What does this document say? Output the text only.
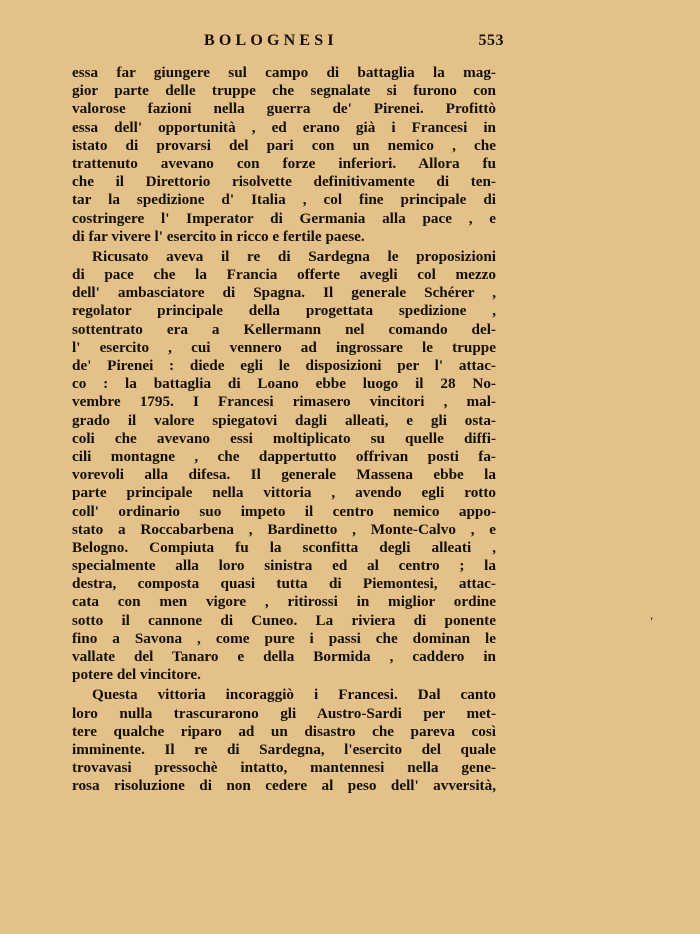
BOLOGNESI	553
essa far giungere sul campo di battaglia la mag-
gior parte delle truppe che segnalate si furono con
valorose fazioni nella guerra de' Pirenei. Profittò
essa dell' opportunità , ed erano già i Francesi in
istato di provarsi del pari con un nemico , che
trattenuto avevano con forze inferiori. Allora fu
che il Direttorio risolvette definitivamente di ten-
tar la spedizione d' Italia , col fine principale di
costringere l' Imperator di Germania alla pace , e
di far vivere l' esercito in ricco e fertile paese.
Ricusato aveva il re di Sardegna le proposizioni
di pace che la Francia offerte avegli col mezzo
dell' ambasciatore di Spagna. Il generale Schérer ,
regolator principale della progettata spedizione ,
sottentrato era a Kellermann nel comando del-
l' esercito , cui vennero ad ingrossare le truppe
de' Pirenei : diede egli le disposizioni per l' attac-
co : la battaglia di Loano ebbe luogo il 28 No-
vembre 1795. I Francesi rimasero vincitori , mal-
grado il valore spiegatovi dagli alleati, e gli osta-
coli che avevano essi moltiplicato su quelle diffi-
cili montagne , che dappertutto offrivan posti fa-
vorevoli alla difesa. Il generale Massena ebbe la
parte principale nella vittoria , avendo egli rotto
coll' ordinario suo impeto il centro nemico appo-
stato a Roccabarbena , Bardinetto , Monte-Calvo , e
Belogno. Compiuta fu la sconfitta degli alleati ,
specialmente alla loro sinistra ed al centro ; la
destra, composta quasi tutta di Piemontesi, attac-
cata con men vigore , ritirossi in miglior ordine
sotto il cannone di Cuneo. La riviera di ponente
fino a Savona , come pure i passi che dominan le
vallate del Tanaro e della Bormida , caddero in
potere del vincitore.
Questa vittoria incoraggiò i Francesi. Dal canto
loro nulla trascurarono gli Austro-Sardi per met-
tere qualche riparo ad un disastro che pareva così
imminente. Il re di Sardegna, l'esercito del quale
trovavasi pressochè intatto, mantennesi nella gene-
rosa risoluzione di non cedere al peso dell' avversità,
'
